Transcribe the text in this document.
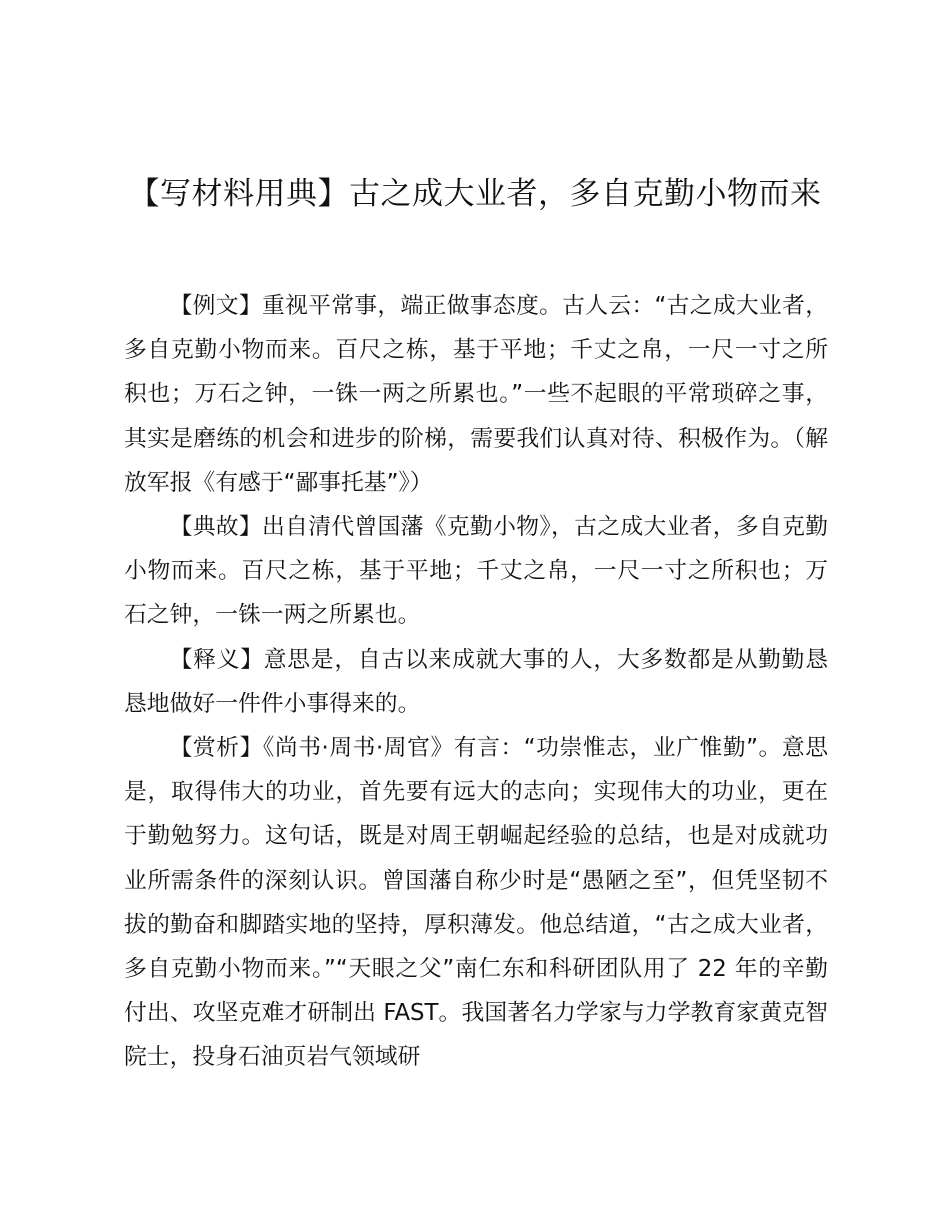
【写材料用典】古之成大业者，多自克勤小物而来

【例文】重视平常事，端正做事态度。古人云：“古之成大业者，多自克勤小物而来。百尺之栋，基于平地；千丈之帛，一尺一寸之所积也；万石之钟，一铢一两之所累也。”一些不起眼的平常琐碎之事，其实是磨练的机会和进步的阶梯，需要我们认真对待、积极作为。（解放军报《有感于“鄙事托基”》）

【典故】出自清代曾国藩《克勤小物》，古之成大业者，多自克勤小物而来。百尺之栋，基于平地；千丈之帛，一尺一寸之所积也；万石之钟，一铢一两之所累也。

【释义】意思是，自古以来成就大事的人，大多数都是从勤勤恳恳地做好一件件小事得来的。

【赏析】《尚书·周书·周官》有言：“功崇惟志，业广惟勤”。意思是，取得伟大的功业，首先要有远大的志向；实现伟大的功业，更在于勤勉努力。这句话，既是对周王朝崛起经验的总结，也是对成就功业所需条件的深刻认识。曾国藩自称少时是“愚陋之至”，但凭坚韧不拔的勤奋和脚踏实地的坚持，厚积薄发。他总结道，“古之成大业者，多自克勤小物而来。”“天眼之父”南仁东和科研团队用了 22 年的辛勤付出、攻坚克难才研制出 FAST。我国著名力学家与力学教育家黄克智院士，投身石油页岩气领域研
